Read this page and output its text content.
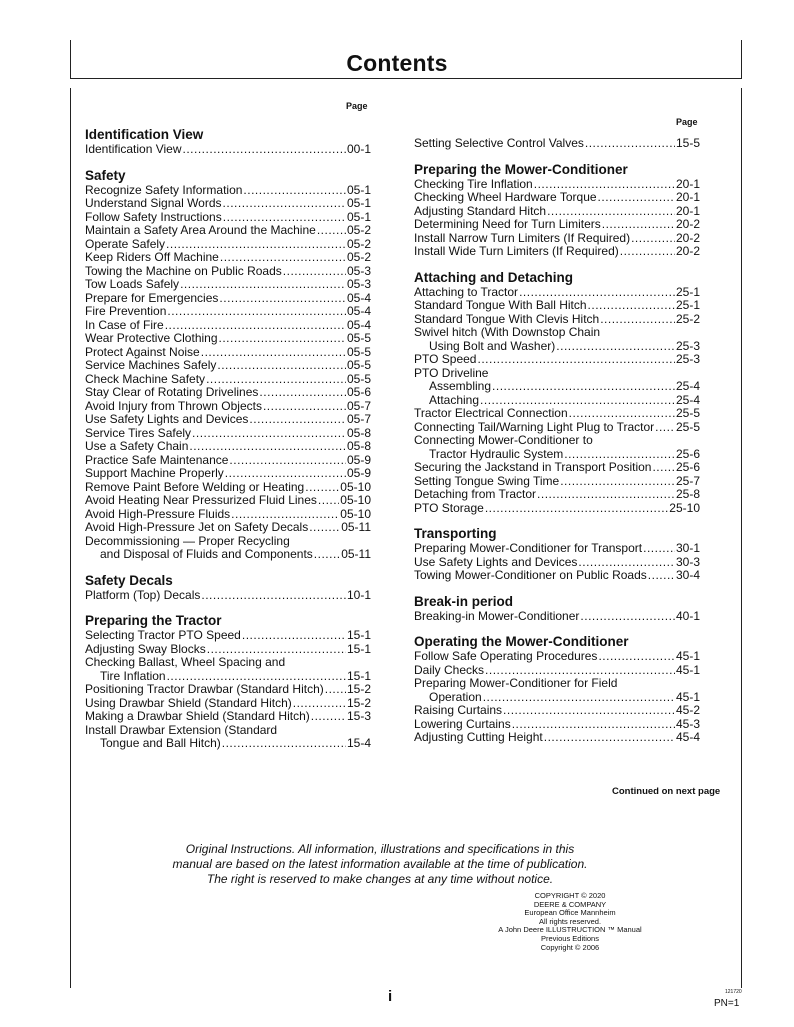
Contents
Page
Page
Identification View
Identification View .....	00-1
Safety
Recognize Safety Information .....	05-1
Understand Signal Words .....	05-1
Follow Safety Instructions .....	05-1
Maintain a Safety Area Around the Machine .....	05-2
Operate Safely .....	05-2
Keep Riders Off Machine .....	05-2
Towing the Machine on Public Roads .....	05-3
Tow Loads Safely .....	05-3
Prepare for Emergencies .....	05-4
Fire Prevention .....	05-4
In Case of Fire .....	05-4
Wear Protective Clothing .....	05-5
Protect Against Noise .....	05-5
Service Machines Safely .....	05-5
Check Machine Safety .....	05-5
Stay Clear of Rotating Drivelines .....	05-6
Avoid Injury from Thrown Objects .....	05-7
Use Safety Lights and Devices .....	05-7
Service Tires Safely .....	05-8
Use a Safety Chain .....	05-8
Practice Safe Maintenance .....	05-9
Support Machine Properly .....	05-9
Remove Paint Before Welding or Heating .....	05-10
Avoid Heating Near Pressurized Fluid Lines ..... 05-10
Avoid High-Pressure Fluids .....	05-10
Avoid High-Pressure Jet on Safety Decals .....	05-11
Decommissioning — Proper Recycling
and Disposal of Fluids and Components ..... 05-11
Safety Decals
Platform (Top) Decals .....	10-1
Preparing the Tractor
Selecting Tractor PTO Speed .....	15-1
Adjusting Sway Blocks .....	15-1
Checking Ballast, Wheel Spacing and
Tire Inflation .....	15-1
Positioning Tractor Drawbar (Standard Hitch) ..... 15-2
Using Drawbar Shield (Standard Hitch) .....	15-2
Making a Drawbar Shield (Standard Hitch) .....	15-3
Install Drawbar Extension (Standard
Tongue and Ball Hitch) .....	15-4
Setting Selective Control Valves .....	15-5
Preparing the Mower-Conditioner
Checking Tire Inflation .....	20-1
Checking Wheel Hardware Torque .....	20-1
Adjusting Standard Hitch .....	20-1
Determining Need for Turn Limiters .....	20-2
Install Narrow Turn Limiters (If Required) .....	20-2
Install Wide Turn Limiters (If Required) .....	20-2
Attaching and Detaching
Attaching to Tractor .....	25-1
Standard Tongue With Ball Hitch .....	25-1
Standard Tongue With Clevis Hitch .....	25-2
Swivel hitch (With Downstop Chain
Using Bolt and Washer) .....	25-3
PTO Speed .....	25-3
PTO Driveline
Assembling .....	25-4
Attaching .....	25-4
Tractor Electrical Connection .....	25-5
Connecting Tail/Warning Light Plug to Tractor ..... 25-5
Connecting Mower-Conditioner to
Tractor Hydraulic System .....	25-6
Securing the Jackstand in Transport Position ..... 25-6
Setting Tongue Swing Time .....	25-7
Detaching from Tractor .....	25-8
PTO Storage .....	25-10
Transporting
Preparing Mower-Conditioner for Transport .....	30-1
Use Safety Lights and Devices .....	30-3
Towing Mower-Conditioner on Public Roads ..... 30-4
Break-in period
Breaking-in Mower-Conditioner .....	40-1
Operating the Mower-Conditioner
Follow Safe Operating Procedures .....	45-1
Daily Checks .....	45-1
Preparing Mower-Conditioner for Field
Operation .....	45-1
Raising Curtains .....	45-2
Lowering Curtains .....	45-3
Adjusting Cutting Height .....	45-4
Continued on next page
Original Instructions. All information, illustrations and specifications in this
manual are based on the latest information available at the time of publication.
The right is reserved to make changes at any time without notice.
COPYRIGHT © 2020
DEERE & COMPANY
European Office Mannheim
All rights reserved.
A John Deere ILLUSTRUCTION ™ Manual
Previous Editions
Copyright © 2006
i	121720
PN=1
